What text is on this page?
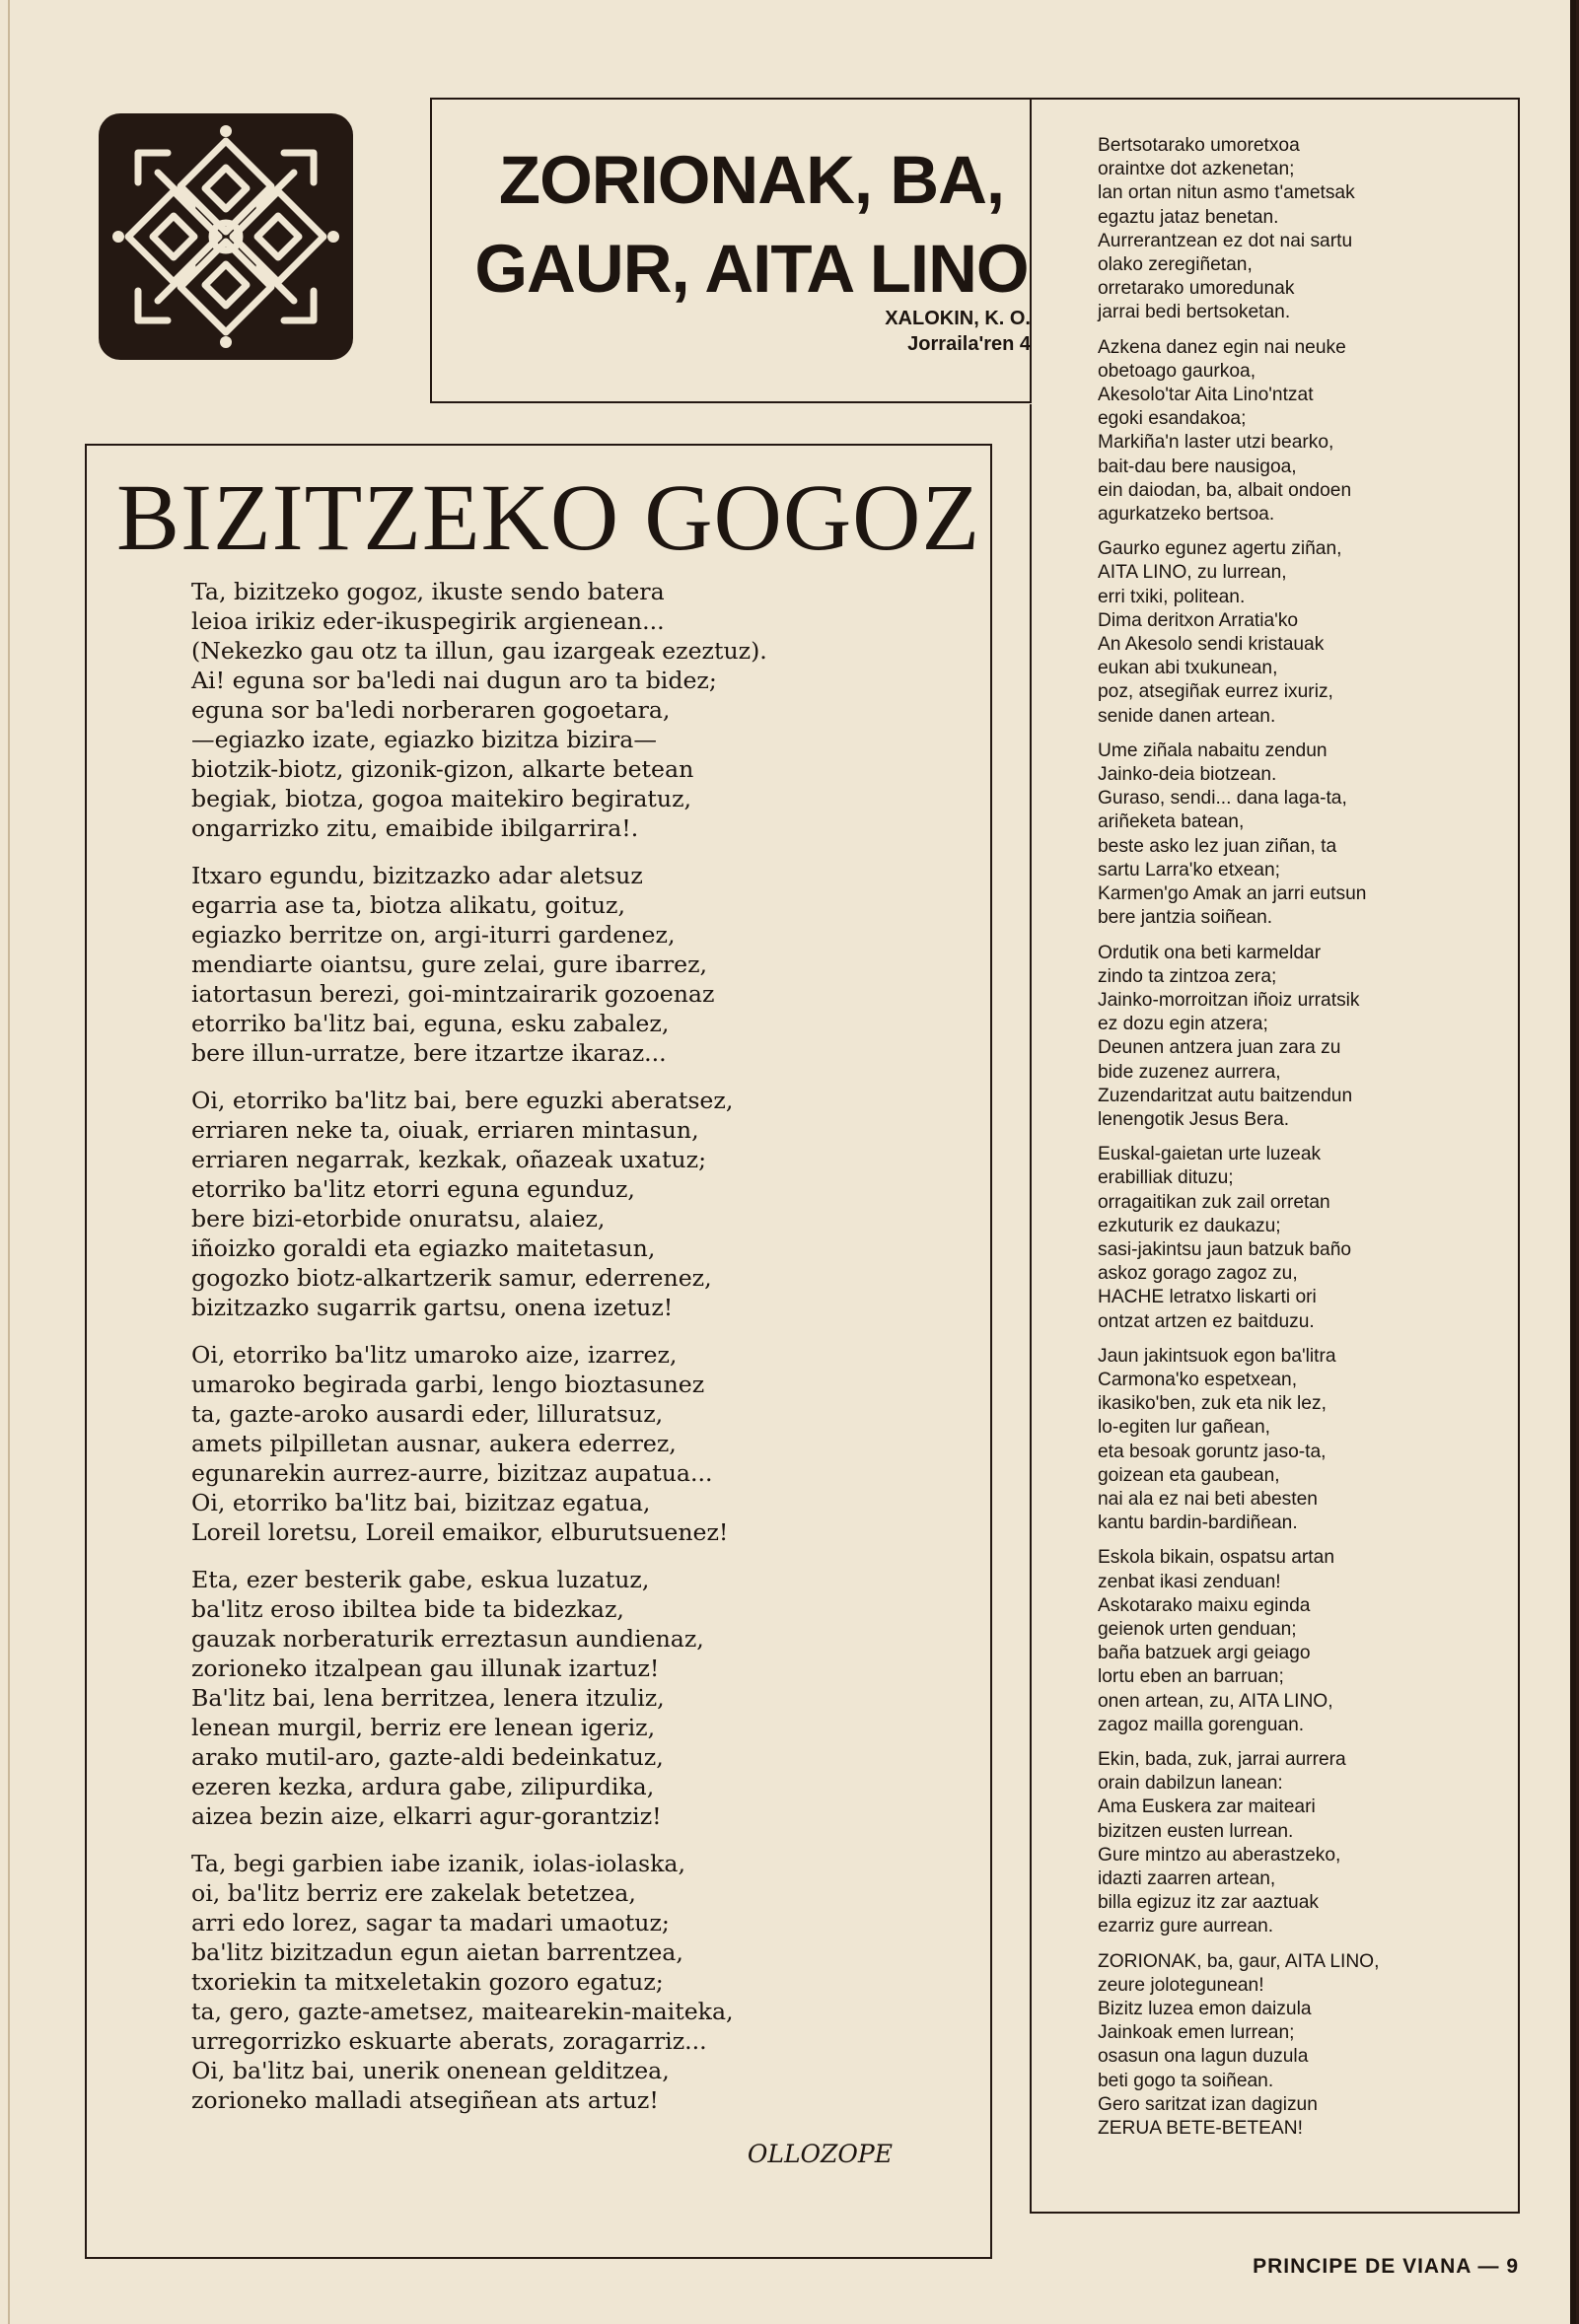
ZORIONAK, BA,
GAUR, AITA LINO
XALOKIN, K. O.
Jorraila'ren 4
BIZITZEKO GOGOZ
Ta, bizitzeko gogoz, ikuste sendo batera
leioa irikiz eder-ikuspegirik argienean...
(Nekezko gau otz ta illun, gau izargeak ezeztuz).
Ai! eguna sor ba'ledi nai dugun aro ta bidez;
eguna sor ba'ledi norberaren gogoetara,
—egiazko izate, egiazko bizitza bizira—
biotzik-biotz, gizonik-gizon, alkarte betean
begiak, biotza, gogoa maitekiro begiratuz,
ongarrizko zitu, emaibide ibilgarrira!.
Itxaro egundu, bizitzazko adar aletsuz
egarria ase ta, biotza alikatu, goituz,
egiazko berritze on, argi-iturri gardenez,
mendiarte oiantsu, gure zelai, gure ibarrez,
iatortasun berezi, goi-mintzairarik gozoenaz
etorriko ba'litz bai, eguna, esku zabalez,
bere illun-urratze, bere itzartze ikaraz...
Oi, etorriko ba'litz bai, bere eguzki aberatsez,
erriaren neke ta, oiuak, erriaren mintasun,
erriaren negarrak, kezkak, oñazeak uxatuz;
etorriko ba'litz etorri eguna egunduz,
bere bizi-etorbide onuratsu, alaiez,
iñoizko goraldi eta egiazko maitetasun,
gogozko biotz-alkartzerik samur, ederrenez,
bizitzazko sugarrik gartsu, onena izetuz!
Oi, etorriko ba'litz umaroko aize, izarrez,
umaroko begirada garbi, lengo bioztasunez
ta, gazte-aroko ausardi eder, lilluratsuz,
amets pilpilletan ausnar, aukera ederrez,
egunarekin aurrez-aurre, bizitzaz aupatua...
Oi, etorriko ba'litz bai, bizitzaz egatua,
Loreil loretsu, Loreil emaikor, elburutsuenez!
Eta, ezer besterik gabe, eskua luzatuz,
ba'litz eroso ibiltea bide ta bidezkaz,
gauzak norberaturik erreztasun aundienaz,
zorioneko itzalpean gau illunak izartuz!
Ba'litz bai, lena berritzea, lenera itzuliz,
lenean murgil, berriz ere lenean igeriz,
arako mutil-aro, gazte-aldi bedeinkatuz,
ezeren kezka, ardura gabe, zilipurdika,
aizea bezin aize, elkarri agur-gorantziz!
Ta, begi garbien iabe izanik, iolas-iolaska,
oi, ba'litz berriz ere zakelak betetzea,
arri edo lorez, sagar ta madari umaotuz;
ba'litz bizitzadun egun aietan barrentzea,
txoriekin ta mitxeletakin gozoro egatuz;
ta, gero, gazte-ametsez, maitearekin-maiteka,
urregorrizko eskuarte aberats, zoragarriz...
Oi, ba'litz bai, unerik onenean gelditzea,
zorioneko malladi atsegiñean ats artuz!
OLLOZOPE
Bertsotarako umoretxoa
oraintxe dot azkenetan;
lan ortan nitun asmo t'ametsak
egaztu jataz benetan.
Aurrerantzean ez dot nai sartu
olako zeregiñetan,
orretarako umoredunak
jarrai bedi bertsoketan.
Azkena danez egin nai neuke
obetoago gaurkoa,
Akesolo'tar Aita Lino'ntzat
egoki esandakoa;
Markiña'n laster utzi bearko,
bait-dau bere nausigoa,
ein daiodan, ba, albait ondoen
agurkatzeko bertsoa.
Gaurko egunez agertu ziñan,
AITA LINO, zu lurrean,
erri txiki, politean.
Dima deritxon Arratia'ko
An Akesolo sendi kristauak
eukan abi txukunean,
poz, atsegiñak eurrez ixuriz,
senide danen artean.
Ume ziñala nabaitu zendun
Jainko-deia biotzean.
Guraso, sendi... dana laga-ta,
ariñeketa batean,
beste asko lez juan ziñan, ta
sartu Larra'ko etxean;
Karmen'go Amak an jarri eutsun
bere jantzia soiñean.
Ordutik ona beti karmeldar
zindo ta zintzoa zera;
Jainko-morroitzan iñoiz urratsik
ez dozu egin atzera;
Deunen antzera juan zara zu
bide zuzenez aurrera,
Zuzendaritzat autu baitzendun
lenengotik Jesus Bera.
Euskal-gaietan urte luzeak
erabilliak dituzu;
orragaitikan zuk zail orretan
ezkuturik ez daukazu;
sasi-jakintsu jaun batzuk baño
askoz gorago zagoz zu,
HACHE letratxo liskarti ori
ontzat artzen ez baitduzu.
Jaun jakintsuok egon ba'litra
Carmona'ko espetxean,
ikasiko'ben, zuk eta nik lez,
lo-egiten lur gañean,
eta besoak goruntz jaso-ta,
goizean eta gaubean,
nai ala ez nai beti abesten
kantu bardin-bardiñean.
Eskola bikain, ospatsu artan
zenbat ikasi zenduan!
Askotarako maixu eginda
geienok urten genduan;
baña batzuek argi geiago
lortu eben an barruan;
onen artean, zu, AITA LINO,
zagoz mailla gorenguan.
Ekin, bada, zuk, jarrai aurrera
orain dabilzun lanean:
Ama Euskera zar maiteari
bizitzen eusten lurrean.
Gure mintzo au aberastzeko,
idazti zaarren artean,
billa egizuz itz zar aaztuak
ezarriz gure aurrean.
ZORIONAK, ba, gaur, AITA LINO,
zeure jolotegunean!
Bizitz luzea emon daizula
Jainkoak emen lurrean;
osasun ona lagun duzula
beti gogo ta soiñean.
Gero saritzat izan dagizun
ZERUA BETE-BETEAN!
PRINCIPE DE VIANA — 9
